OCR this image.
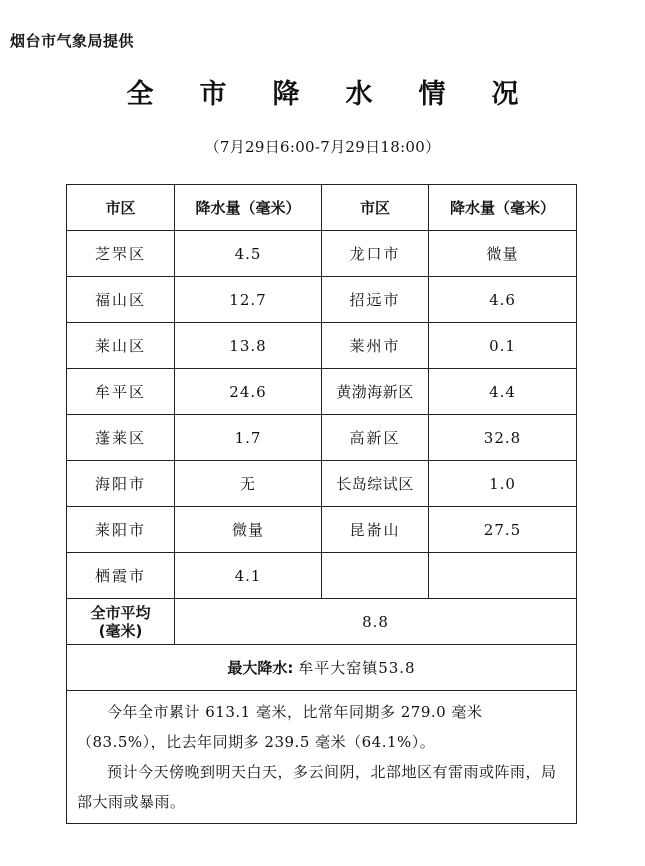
烟台市气象局提供
全 市 降 水 情 况
（7月29日6:00-7月29日18:00）
市区	降水量（毫米）	市区	降水量（毫米）
芝罘区	4.5	龙口市	微量
福山区	12.7	招远市	4.6
莱山区	13.8	莱州市	0.1
牟平区	24.6	黄渤海新区	4.4
蓬莱区	1.7	高新区	32.8
海阳市	无	长岛综试区	1.0
莱阳市	微量	昆嵛山	27.5
栖霞市	4.1		
全市平均
(毫米)	8.8		
最大降水: 牟平大窑镇53.8			

今年全市累计 613.1 毫米，比常年同期多 279.0 毫米（83.5%），比去年同期多 239.5 毫米（64.1%）。

预计今天傍晚到明天白天，多云间阴，北部地区有雷雨或阵雨，局部大雨或暴雨。			
